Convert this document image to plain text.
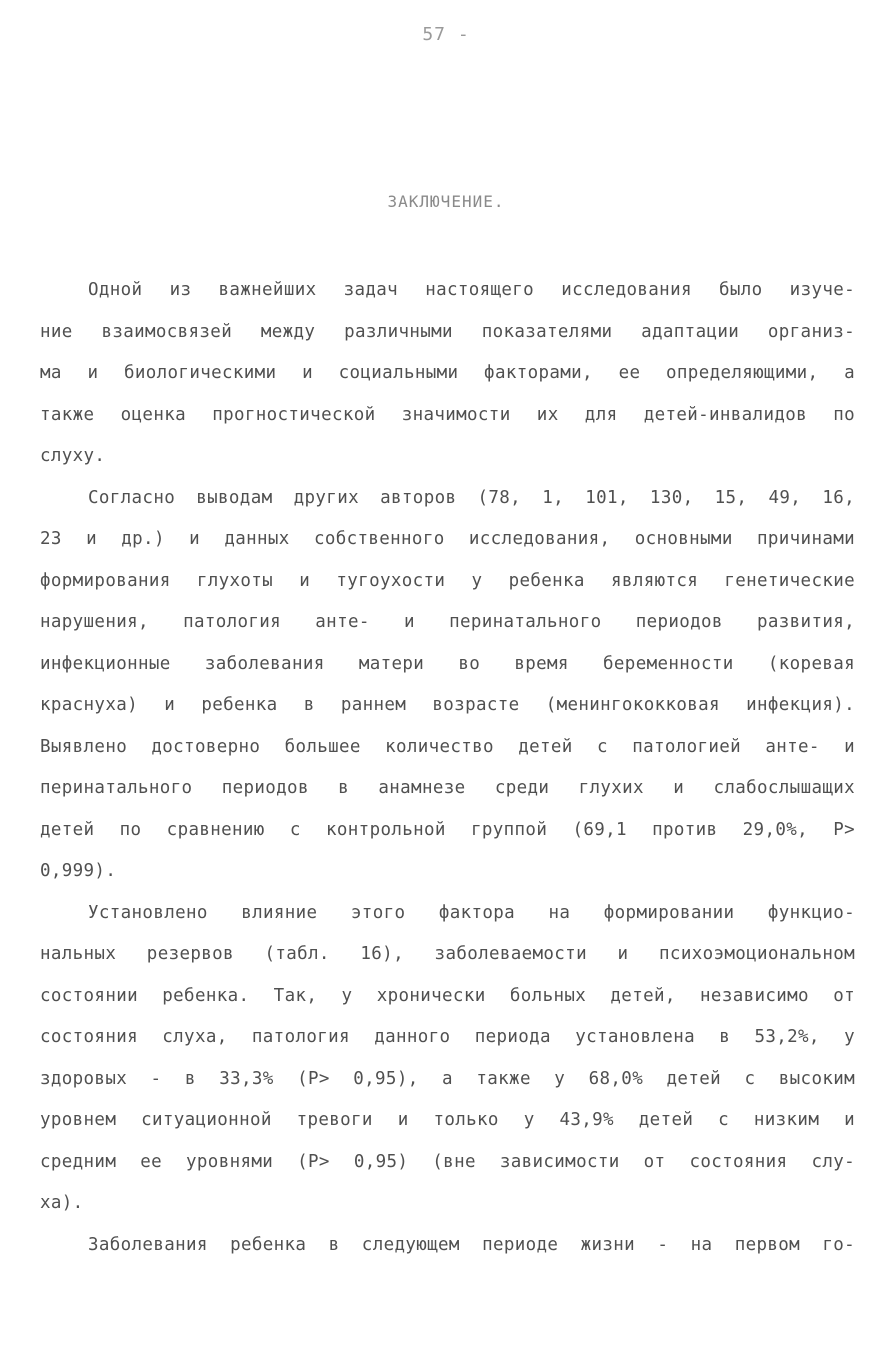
57 -
ЗАКЛЮЧЕНИЕ.
Одной из важнейших задач настоящего исследования было изуче-
ние взаимосвязей между различными показателями адаптации организ-
ма и биологическими и социальными факторами, ее определяющими, а
также оценка прогностической значимости их для детей-инвалидов по
слуху.
Согласно выводам других авторов (78, 1, 101, 130, 15, 49, 16,
23 и др.) и данных собственного исследования, основными причинами
формирования глухоты и тугоухости у ребенка являются генетические
нарушения, патология анте- и перинатального периодов развития,
инфекционные заболевания матери во время беременности (коревая
краснуха) и ребенка в раннем возрасте (менингококковая инфекция).
Выявлено достоверно большее количество детей с патологией анте- и
перинатального периодов в анамнезе среди глухих и слабослышащих
детей по сравнению с контрольной группой (69,1 против 29,0%, P>
0,999).
Установлено влияние этого фактора на формировании функцио-
нальных резервов (табл. 16), заболеваемости и психоэмоциональном
состоянии ребенка. Так, у хронически больных детей, независимо от
состояния слуха, патология данного периода установлена в 53,2%, у
здоровых - в 33,3% (P> 0,95), а также у 68,0% детей с высоким
уровнем ситуационной тревоги и только у 43,9% детей с низким и
средним ее уровнями (P> 0,95) (вне зависимости от состояния слу-
ха).
Заболевания ребенка в следующем периоде жизни - на первом го-
